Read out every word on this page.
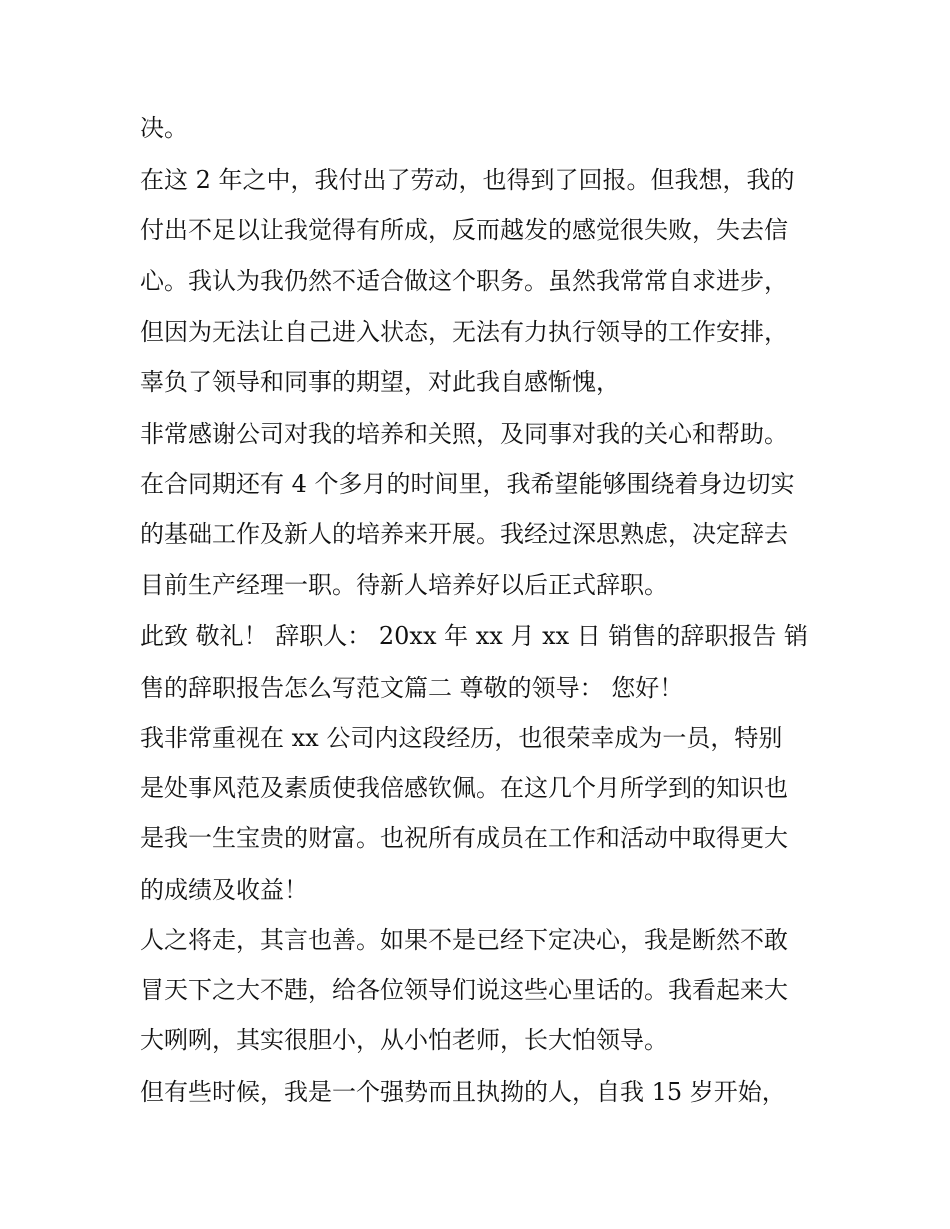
决。
在这 2 年之中，我付出了劳动，也得到了回报。但我想，我的
付出不足以让我觉得有所成，反而越发的感觉很失败，失去信
心。我认为我仍然不适合做这个职务。虽然我常常自求进步，
但因为无法让自己进入状态，无法有力执行领导的工作安排，
辜负了领导和同事的期望，对此我自感惭愧，
非常感谢公司对我的培养和关照，及同事对我的关心和帮助。
在合同期还有 4 个多月的时间里，我希望能够围绕着身边切实
的基础工作及新人的培养来开展。我经过深思熟虑，决定辞去
目前生产经理一职。待新人培养好以后正式辞职。
此致 敬礼！ 辞职人： 20xx 年 xx 月 xx 日 销售的辞职报告 销
售的辞职报告怎么写范文篇二 尊敬的领导： 您好！
我非常重视在 xx 公司内这段经历，也很荣幸成为一员，特别
是处事风范及素质使我倍感钦佩。在这几个月所学到的知识也
是我一生宝贵的财富。也祝所有成员在工作和活动中取得更大
的成绩及收益！
人之将走，其言也善。如果不是已经下定决心，我是断然不敢
冒天下之大不韪，给各位领导们说这些心里话的。我看起来大
大咧咧，其实很胆小，从小怕老师，长大怕领导。
但有些时候，我是一个强势而且执拗的人，自我 15 岁开始，
